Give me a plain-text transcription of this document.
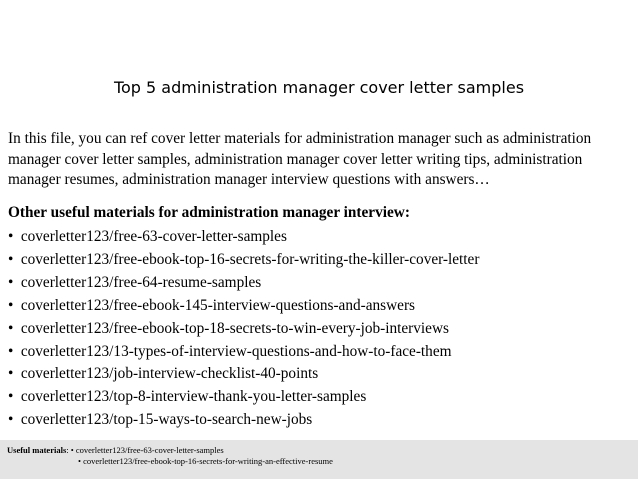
Top 5 administration manager cover letter samples

In this file, you can ref cover letter materials for administration manager such as administration
manager cover letter samples, administration manager cover letter writing tips, administration
manager resumes, administration manager interview questions with answers…

Other useful materials for administration manager interview:
• coverletter123/free-63-cover-letter-samples
• coverletter123/free-ebook-top-16-secrets-for-writing-the-killer-cover-letter
• coverletter123/free-64-resume-samples
• coverletter123/free-ebook-145-interview-questions-and-answers
• coverletter123/free-ebook-top-18-secrets-to-win-every-job-interviews
• coverletter123/13-types-of-interview-questions-and-how-to-face-them
• coverletter123/job-interview-checklist-40-points
• coverletter123/top-8-interview-thank-you-letter-samples
• coverletter123/top-15-ways-to-search-new-jobs
Useful materials: • coverletter123/free-63-cover-letter-samples
• coverletter123/free-ebook-top-16-secrets-for-writing-an-effective-resume
